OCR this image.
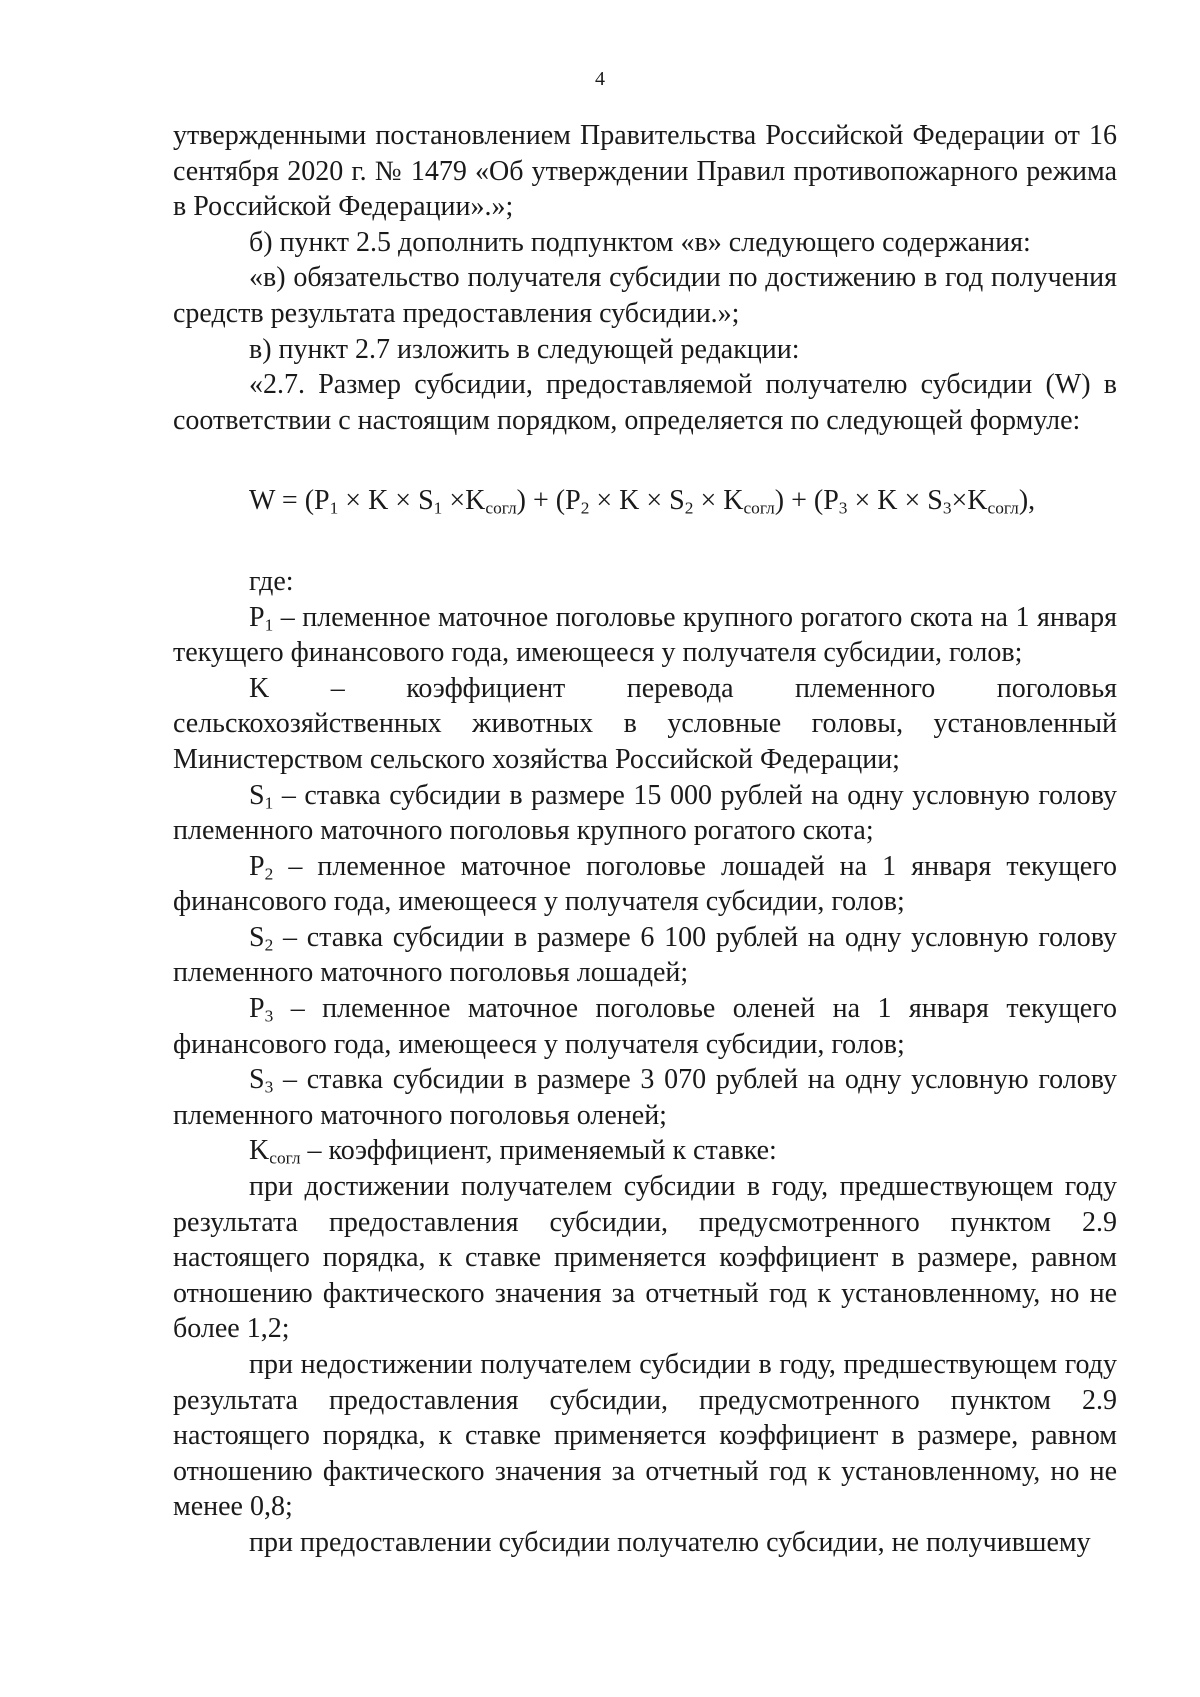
4

утвержденными постановлением Правительства Российской Федерации от 16 сентября 2020 г. № 1479 «Об утверждении Правил противопожарного режима в Российской Федерации».»;

б) пункт 2.5 дополнить подпунктом «в» следующего содержания:

«в) обязательство получателя субсидии по достижению в год получения средств результата предоставления субсидии.»;

в) пункт 2.7 изложить в следующей редакции:

«2.7. Размер субсидии, предоставляемой получателю субсидии (W) в соответствии с настоящим порядком, определяется по следующей формуле:

$W = (P_1 \times K \times S_1 \times K_{согл}) + (P_2 \times K \times S_2 \times K_{согл}) + (P_3 \times K \times S_3\times K_{согл})$,

где:

$P_1$ – племенное маточное поголовье крупного рогатого скота на 1 января текущего финансового года, имеющееся у получателя субсидии, голов;

K – коэффициент перевода племенного поголовья сельскохозяйственных животных в условные головы, установленный Министерством сельского хозяйства Российской Федерации;

$S_1$ – ставка субсидии в размере 15 000 рублей на одну условную голову племенного маточного поголовья крупного рогатого скота;

$P_2$ – племенное маточное поголовье лошадей на 1 января текущего финансового года, имеющееся у получателя субсидии, голов;

$S_2$ – ставка субсидии в размере 6 100 рублей на одну условную голову племенного маточного поголовья лошадей;

$P_3$ – племенное маточное поголовье оленей на 1 января текущего финансового года, имеющееся у получателя субсидии, голов;

$S_3$ – ставка субсидии в размере 3 070 рублей на одну условную голову племенного маточного поголовья оленей;

$K_{согл}$ – коэффициент, применяемый к ставке:

при достижении получателем субсидии в году, предшествующем году результата предоставления субсидии, предусмотренного пунктом 2.9 настоящего порядка, к ставке применяется коэффициент в размере, равном отношению фактического значения за отчетный год к установленному, но не более 1,2;

при недостижении получателем субсидии в году, предшествующем году результата предоставления субсидии, предусмотренного пунктом 2.9 настоящего порядка, к ставке применяется коэффициент в размере, равном отношению фактического значения за отчетный год к установленному, но не менее 0,8;

при предоставлении субсидии получателю субсидии, не получившему
